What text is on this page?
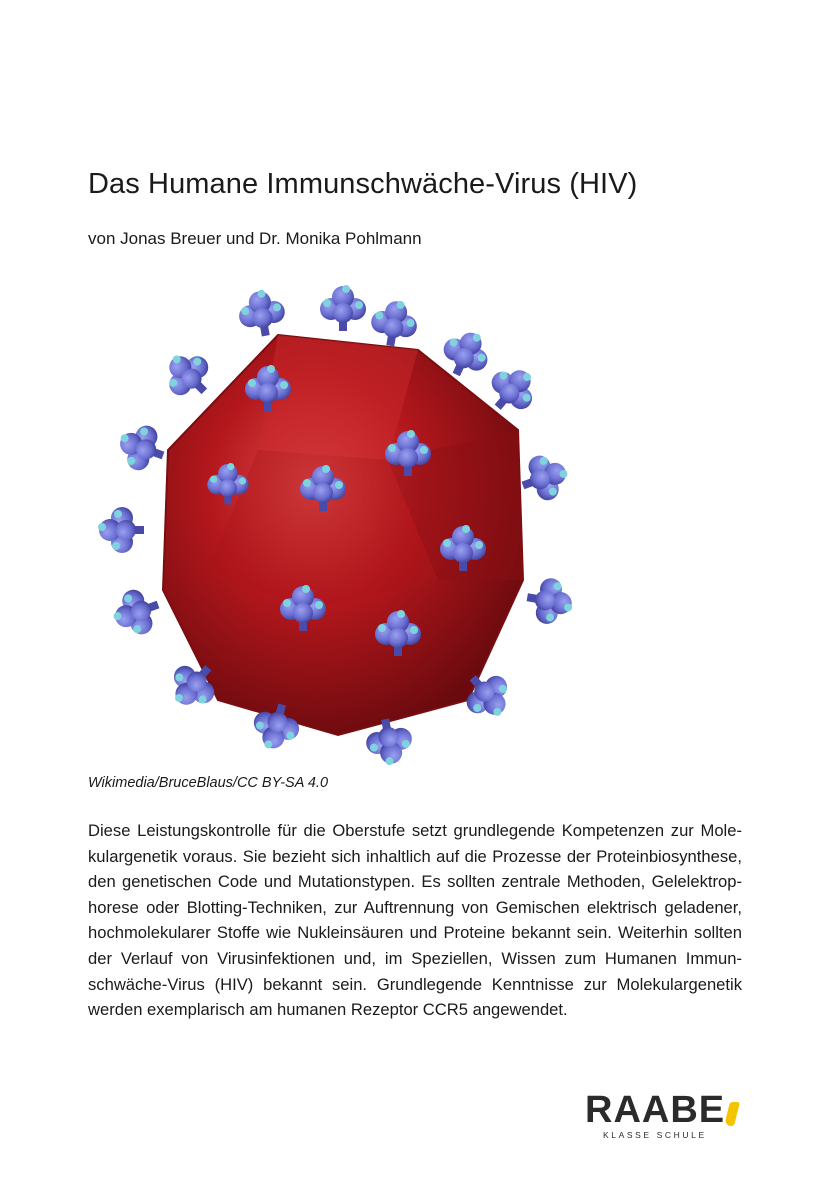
Das Humane Immunschwäche-Virus (HIV)
von Jonas Breuer und Dr. Monika Pohlmann
Wikimedia/BruceBlaus/CC BY-SA 4.0

Diese Leistungskontrolle für die Oberstufe setzt grundlegende Kompetenzen zur Molekulargenetik voraus. Sie bezieht sich inhaltlich auf die Prozesse der Proteinbiosynthese, den genetischen Code und Mutationstypen. Es sollten zentrale Methoden, Gelelektrophorese oder Blotting-Techniken, zur Auftrennung von Gemischen elektrisch geladener, hochmolekularer Stoffe wie Nukleinsäuren und Proteine bekannt sein. Weiterhin sollten der Verlauf von Virusinfektionen und, im Speziellen, Wissen zum Humanen Immunschwäche-Virus (HIV) bekannt sein. Grundlegende Kenntnisse zur Molekulargenetik werden exemplarisch am humanen Rezeptor CCR5 angewendet.

RAABE
KLASSE SCHULE
